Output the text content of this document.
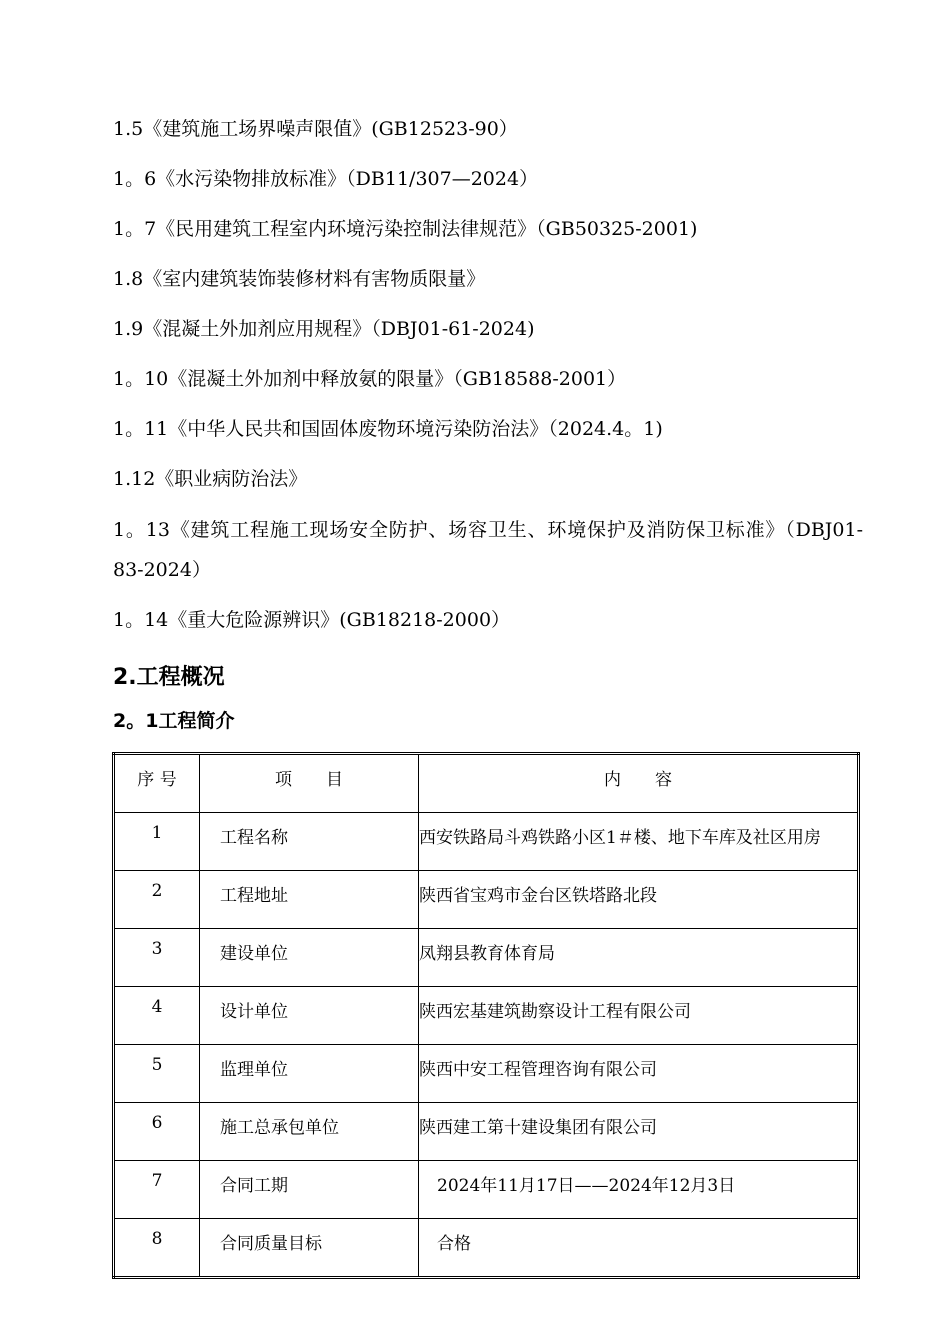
1.5《建筑施工场界噪声限值》(GB12523-90）
1。6《水污染物排放标准》（DB11/307—2024）
1。7《民用建筑工程室内环境污染控制法律规范》（GB50325-2001)
1.8《室内建筑装饰装修材料有害物质限量》
1.9《混凝土外加剂应用规程》（DBJ01-61-2024)
1。10《混凝土外加剂中释放氨的限量》（GB18588-2001）
1。11《中华人民共和国固体废物环境污染防治法》（2024.4。1)
1.12《职业病防治法》
1。13《建筑工程施工现场安全防护、场容卫生、环境保护及消防保卫标准》（DBJ01-83-2024）
1。14《重大危险源辨识》(GB18218-2000）
2.工程概况
2。1工程简介
序 号	项　　目	内　　容
1	工程名称	西安铁路局斗鸡铁路小区1＃楼、地下车库及社区用房
2	工程地址	陕西省宝鸡市金台区铁塔路北段
3	建设单位	凤翔县教育体育局
4	设计单位	陕西宏基建筑勘察设计工程有限公司
5	监理单位	陕西中安工程管理咨询有限公司
6	施工总承包单位	陕西建工第十建设集团有限公司
7	合同工期	2024年11月17日——2024年12月3日
8	合同质量目标	合格
